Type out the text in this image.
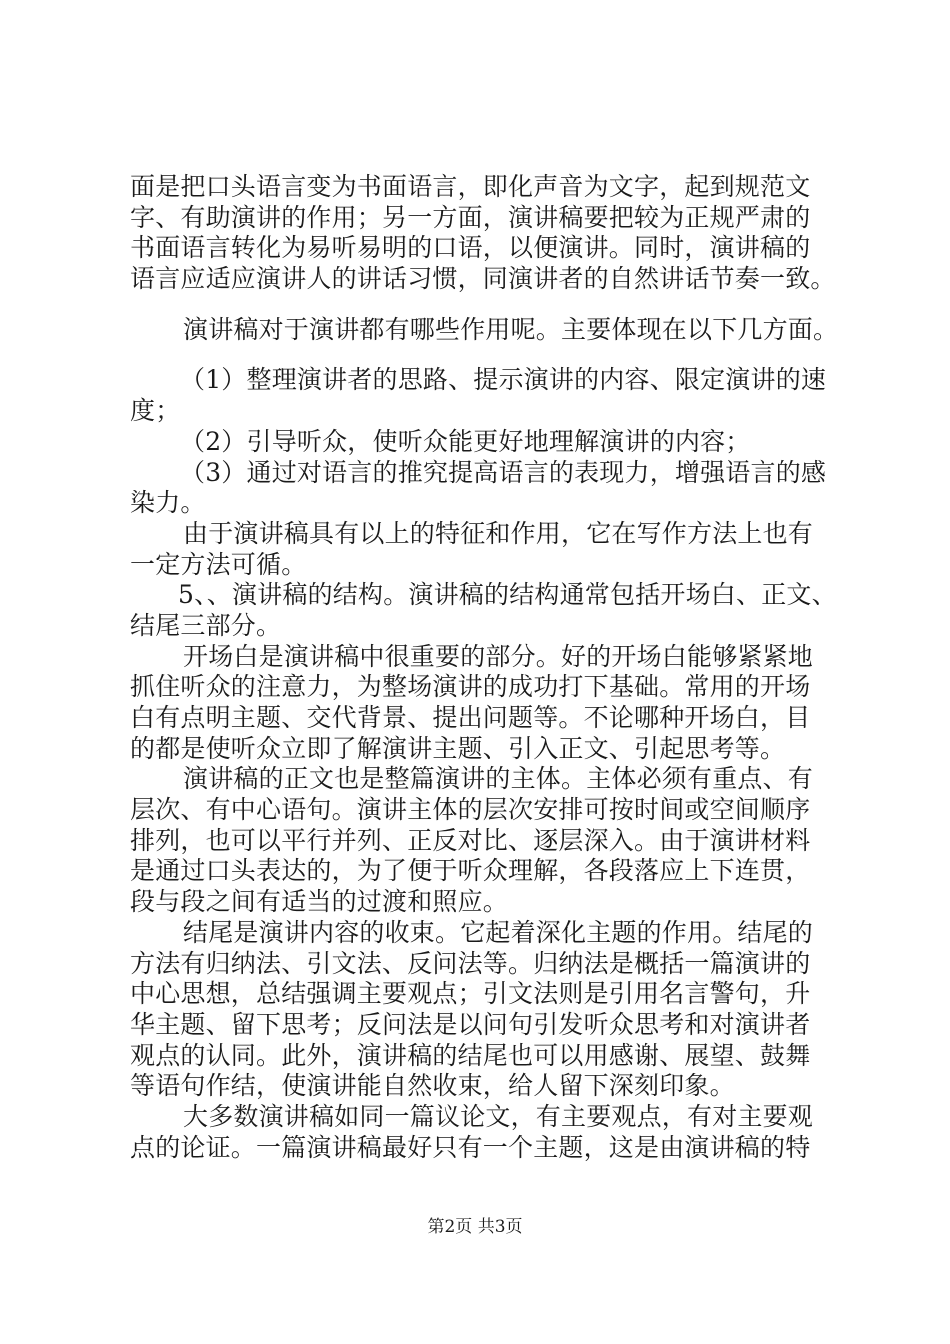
面是把口头语言变为书面语言，即化声音为文字，起到规范文
字、有助演讲的作用；另一方面，演讲稿要把较为正规严肃的
书面语言转化为易听易明的口语，以便演讲。同时，演讲稿的
语言应适应演讲人的讲话习惯，同演讲者的自然讲话节奏一致。
演讲稿对于演讲都有哪些作用呢。主要体现在以下几方面。
（1）整理演讲者的思路、提示演讲的内容、限定演讲的速
度；
（2）引导听众，使听众能更好地理解演讲的内容；
（3）通过对语言的推究提高语言的表现力，增强语言的感
染力。
由于演讲稿具有以上的特征和作用，它在写作方法上也有
一定方法可循。
5、、演讲稿的结构。演讲稿的结构通常包括开场白、正文、
结尾三部分。
开场白是演讲稿中很重要的部分。好的开场白能够紧紧地
抓住听众的注意力，为整场演讲的成功打下基础。常用的开场
白有点明主题、交代背景、提出问题等。不论哪种开场白，目
的都是使听众立即了解演讲主题、引入正文、引起思考等。
演讲稿的正文也是整篇演讲的主体。主体必须有重点、有
层次、有中心语句。演讲主体的层次安排可按时间或空间顺序
排列，也可以平行并列、正反对比、逐层深入。由于演讲材料
是通过口头表达的，为了便于听众理解，各段落应上下连贯，
段与段之间有适当的过渡和照应。
结尾是演讲内容的收束。它起着深化主题的作用。结尾的
方法有归纳法、引文法、反问法等。归纳法是概括一篇演讲的
中心思想，总结强调主要观点；引文法则是引用名言警句，升
华主题、留下思考；反问法是以问句引发听众思考和对演讲者
观点的认同。此外，演讲稿的结尾也可以用感谢、展望、鼓舞
等语句作结，使演讲能自然收束，给人留下深刻印象。
大多数演讲稿如同一篇议论文，有主要观点，有对主要观
点的论证。一篇演讲稿最好只有一个主题，这是由演讲稿的特
第2页 共3页
